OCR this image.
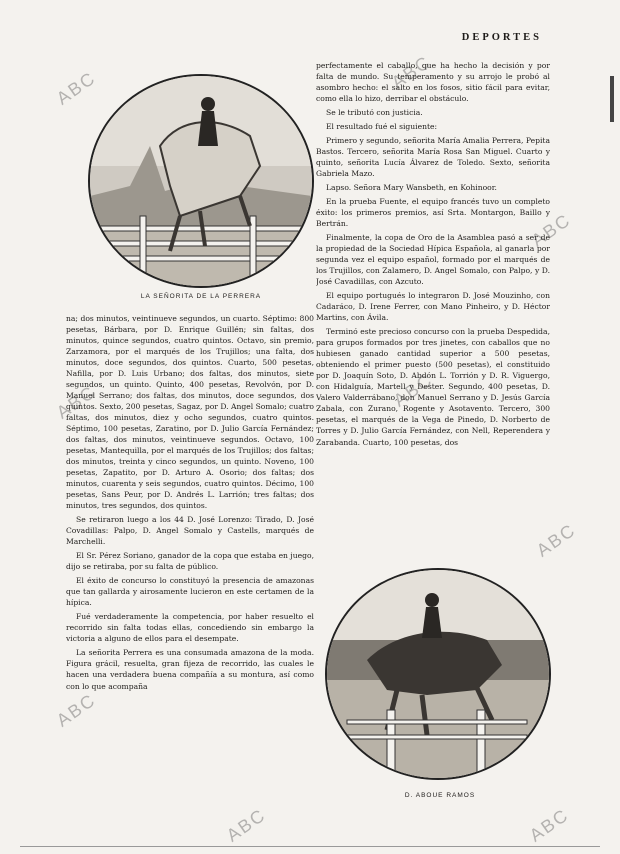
DEPORTES
LA SEÑORITA DE LA PERRERA

na; dos minutos, veintinueve segundos, un cuarto. Séptimo: 800 pesetas, Bárbara, por D. Enrique Guillén; sin faltas, dos minutos, quince segundos, cuatro quintos. Octavo, sin premio, Zarzamora, por el marqués de los Trujillos; una falta, dos minutos, doce segundos, dos quintos. Cuarto, 500 pesetas, Nafilla, por D. Luis Urbano; dos faltas, dos minutos, siete segundos, un quinto. Quinto, 400 pesetas, Revolvón, por D. Manuel Serrano; dos faltas, dos minutos, doce segundos, dos quintos. Sexto, 200 pesetas, Sagaz, por D. Angel Somalo; cuatro faltas, dos minutos, diez y ocho segundos, cuatro quintos. Séptimo, 100 pesetas, Zaratino, por D. Julio García Fernández; dos faltas, dos minutos, veintinueve segundos. Octavo, 100 pesetas, Mantequilla, por el marqués de los Trujillos; dos faltas; dos minutos, treinta y cinco segundos, un quinto. Noveno, 100 pesetas, Zapatito, por D. Arturo A. Osorio; dos faltas; dos minutos, cuarenta y seis segundos, cuatro quintos. Décimo, 100 pesetas, Sans Peur, por D. Andrés L. Larrión; tres faltas; dos minutos, tres segundos, dos quintos.

Se retiraron luego a los 44 D. José Lorenzo: Tirado, D. José Covadillas: Palpo, D. Angel Somalo y Castells, marqués de Marchelli.

El Sr. Pérez Soriano, ganador de la copa que estaba en juego, dijo se retiraba, por su falta de público.

El éxito de concurso lo constituyó la presencia de amazonas que tan gallarda y airosamente lucieron en este certamen de la hípica.

Fué verdaderamente la competencia, por haber resuelto el recorrido sin falta todas ellas, concediendo sin embargo la victoria a alguno de ellos para el desempate.

La señorita Perrera es una consumada amazona de la moda. Figura grácil, resuelta, gran fijeza de recorrido, las cuales le hacen una verdadera buena compañía a su montura, así como con lo que acompaña

perfectamente el caballo, que ha hecho la decisión y por falta de mundo. Su temperamento y su arrojo le probó al asombro hecho: el salto en los fosos, sitio fácil para evitar, como ella lo hizo, derribar el obstáculo.

Se le tributó con justicia.

El resultado fué el siguiente:

Primero y segundo, señorita María Amalia Perrera, Pepita Bastos. Tercero, señorita María Rosa San Miguel. Cuarto y quinto, señorita Lucía Álvarez de Toledo. Sexto, señorita Gabriela Mazo.

Lapso. Señora Mary Wansbeth, en Kohinoor.

En la prueba Fuente, el equipo francés tuvo un completo éxito: los primeros premios, así Srta. Montargon, Baillo y Bertrán.

Finalmente, la copa de Oro de la Asamblea pasó a ser de la propiedad de la Sociedad Hípica Española, al ganarla por segunda vez el equipo español, formado por el marqués de los Trujillos, con Zalamero, D. Angel Somalo, con Palpo, y D. José Cavadillas, con Azcuto.

El equipo portugués lo integraron D. José Mouzinho, con Cadaráco, D. Irene Ferrer, con Mano Pinheiro, y D. Héctor Martins, con Ávila.

Terminó este precioso concurso con la prueba Despedida, para grupos formados por tres jinetes, con caballos que no hubiesen ganado cantidad superior a 500 pesetas, obteniendo el primer puesto (500 pesetas), el constituido por D. Joaquín Soto, D. Abdón L. Torrión y D. R. Viguergo, con Hidalguía, Martell y Dester. Segundo, 400 pesetas, D. Valero Valderrábano, don Manuel Serrano y D. Jesús García Zabala, con Zurano, Rogente y Asotavento. Tercero, 300 pesetas, el marqués de la Vega de Pinedo, D. Norberto de Torres y D. Julio García Fernández, con Nell, Reperendera y Zarabanda. Cuarto, 100 pesetas, dos

D. ABOUE RAMOS
ABC	ABC
ABC
ABC	ABC
ABC
ABC
ABC	ABC
